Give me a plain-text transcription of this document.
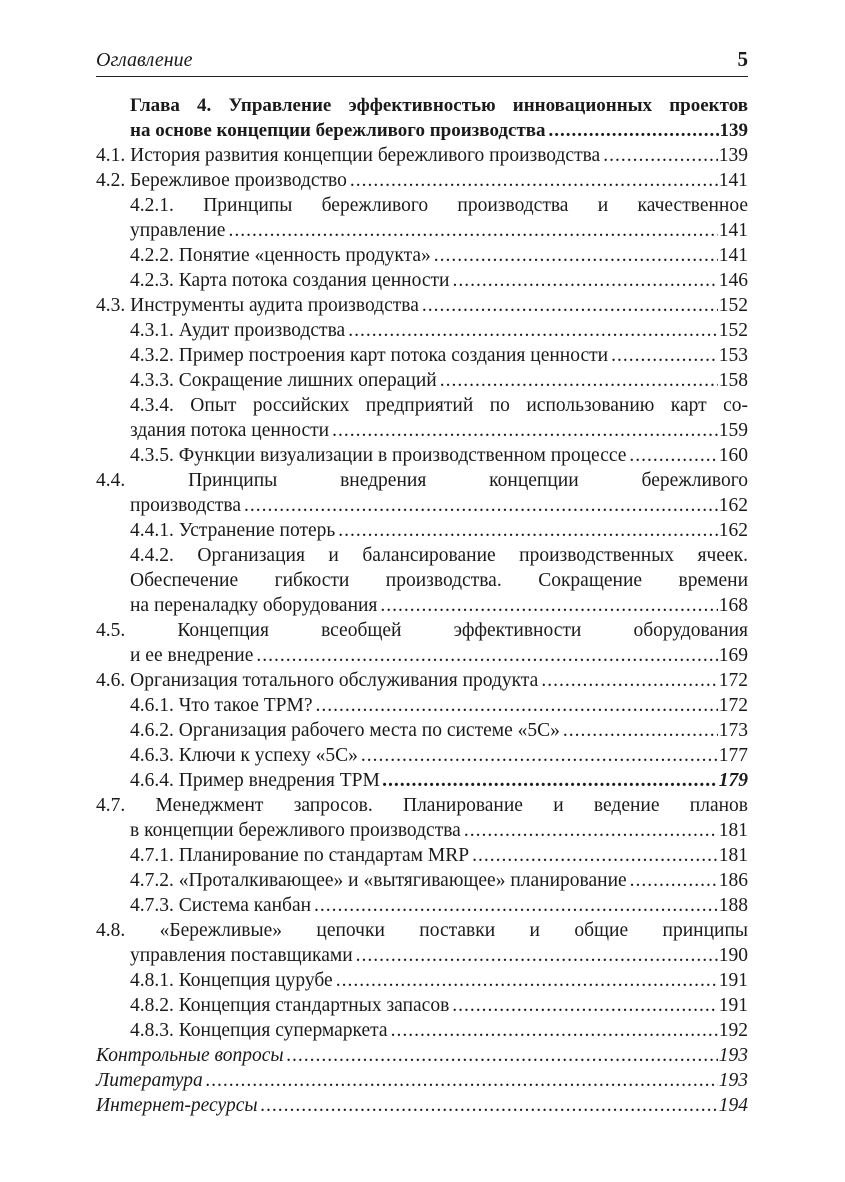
Оглавление	5
Глава 4. Управление эффективностью инновационных проектов
на основе концепции бережливого производства .....	139
4.1. История развития концепции бережливого производства .....	139
4.2. Бережливое производство .....	141
4.2.1. Принципы бережливого производства и качественное
управление .....	141
4.2.2. Понятие «ценность продукта» .....	141
4.2.3. Карта потока создания ценности .....	146
4.3. Инструменты аудита производства .....	152
4.3.1. Аудит производства .....	152
4.3.2. Пример построения карт потока создания ценности .....	153
4.3.3. Сокращение лишних операций .....	158
4.3.4. Опыт российских предприятий по использованию карт со-
здания потока ценности .....	159
4.3.5. Функции визуализации в производственном процессе .....	160
4.4. Принципы внедрения концепции бережливого
производства .....	162
4.4.1. Устранение потерь .....	162
4.4.2. Организация и балансирование производственных ячеек.
Обеспечение гибкости производства. Сокращение времени
на переналадку оборудования .....	168
4.5. Концепция всеобщей эффективности оборудования
и ее внедрение .....	169
4.6. Организация тотального обслуживания продукта .....	172
4.6.1. Что такое TPM? .....	172
4.6.2. Организация рабочего места по системе «5С» .....	173
4.6.3. Ключи к успеху «5С» .....	177
4.6.4. Пример внедрения TPM .....	179
4.7. Менеджмент запросов. Планирование и ведение планов
в концепции бережливого производства .....	181
4.7.1. Планирование по стандартам MRP .....	181
4.7.2. «Проталкивающее» и «вытягивающее» планирование .....	186
4.7.3. Система канбан .....	188
4.8. «Бережливые» цепочки поставки и общие принципы
управления поставщиками .....	190
4.8.1. Концепция цурубе .....	191
4.8.2. Концепция стандартных запасов .....	191
4.8.3. Концепция супермаркета .....	192
Контрольные вопросы .....	193
Литература .....	193
Интернет-ресурсы .....	194
